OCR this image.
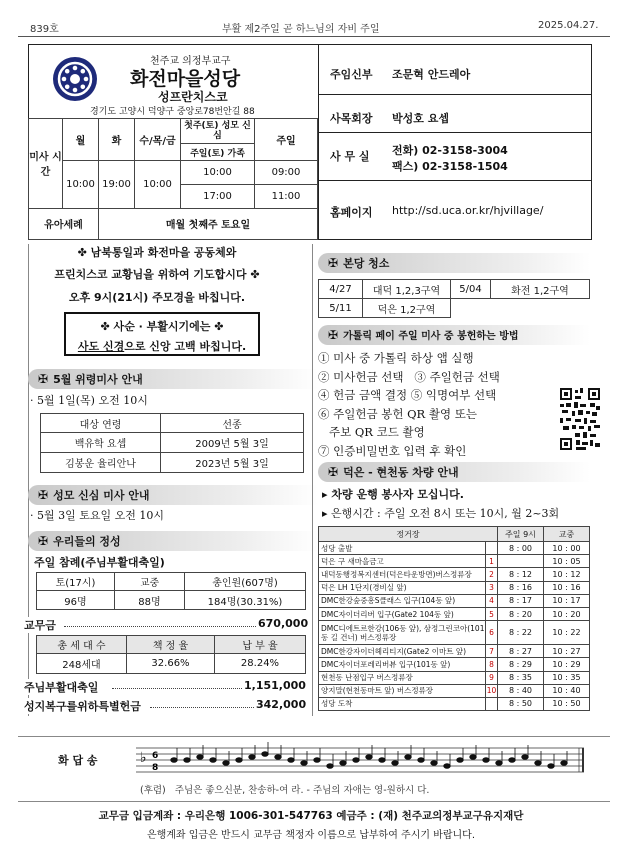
839호	부활 제2주일 곧 하느님의 자비 주일	2025.04.27.
천주교 의정부교구
화전마을성당
성프란치스코
경기도 고양시 덕양구 중앙로78번안길 88
미사 시간	월	화	수/목/금	첫주(토) 성모 신심	주일
				주일(토) 가족	
	10:00	19:00	10:00	10:00	09:00
				17:00	11:00
유아세례		매월 첫째주 토요일			
주임신부 조문혁 안드레아
사목회장 박성호 요셉
사 무 실 전화) 02-3158-3004
팩스) 02-3158-1504
홈페이지 http://sd.uca.or.kr/hjvillage/
✤ 남북통일과 화전마을 공동체와
프린치스코 교황님을 위하여 기도합시다 ✤
오후 9시(21시) 주모경을 바칩니다.
✤ 사순 · 부활시기에는 ✤
사도 신경으로 신앙 고백 바칩니다.
✠ 5월 위령미사 안내
· 5월 1일(목) 오전 10시
대상 연령	선종
백유학 요셉	2009년 5월 3일
김봉운 율리안나	2023년 5월 3일
✠ 성모 신심 미사 안내
· 5월 3일 토요일 오전 10시
✠ 우리들의 정성
주일 참례(주님부활대축일)
토(17시)	교중	총인원(607명)
96명	88명	184명(30.31%)
교무금	670,000
총 세 대 수	책 정 율	납 부 율
248세대	32.66%	28.24%
주님부활대축일	1,151,000
성지복구를위하특별헌금	342,000
✠ 본당 청소
4/27	대덕 1,2,3구역	5/04	화전 1,2구역
5/11	덕은 1,2구역		
✠ 가톨릭 페이 주일 미사 중 봉헌하는 방법
① 미사 중 가톨릭 하상 앱 실행
② 미사헌금 선택   ③ 주일헌금 선택
④ 헌금 금액 결정 ⑤ 익명여부 선택
⑥ 주일헌금 봉헌 QR 촬영 또는
주보 QR 코드 촬영
⑦ 인증비밀번호 입력 후 확인
✠ 덕은 - 현천동 차량 안내
▸ 차량 운행 봉사자 모십니다.
▸ 은행시간 : 주일 오전 8시 또는 10시, 월 2~3회
정거장		주일 9시	교중
성당 출발		8 : 00	10 : 00
덕은 구 새마을금고	1		10 : 05
내덕동행정복지센터(덕은타운방면)버스정류장	2	8 : 12	10 : 12
덕은 LH 1단지(경비실 앞)	3	8 : 16	10 : 16
DMC한강숲중흥S클래스 입구(104동 앞)	4	8 : 17	10 : 17
DMC자이더리버 입구(Gate2 104동 앞)	5	8 : 20	10 : 20
DMC디에트르한강(106동 앞), 삼정그린코아(101동 길 건너) 버스정류장	6	8 : 22	10 : 22
DMC한강자이더헤리티지(Gate2 이마트 앞)	7	8 : 27	10 : 27
DMC자이더포레리버뷰 입구(101동 앞)	8	8 : 29	10 : 29
현천동 난점입구 버스정류장	9	8 : 35	10 : 35
양지말(현천동마트 앞) 버스정류장	10	8 : 40	10 : 40
성당 도착		8 : 50	10 : 50
화 답 송	♭ 6
8
(후렴)   주님은 좋으신분, 찬송하-여 라. - 주님의 자애는 영-원하시 다.
교무금 입금계좌 : 우리은행 1006-301-547763 예금주 : (재) 천주교의정부교구유지재단
은행계좌 입금은 반드시 교무금 책정자 이름으로 납부하여 주시기 바랍니다.
